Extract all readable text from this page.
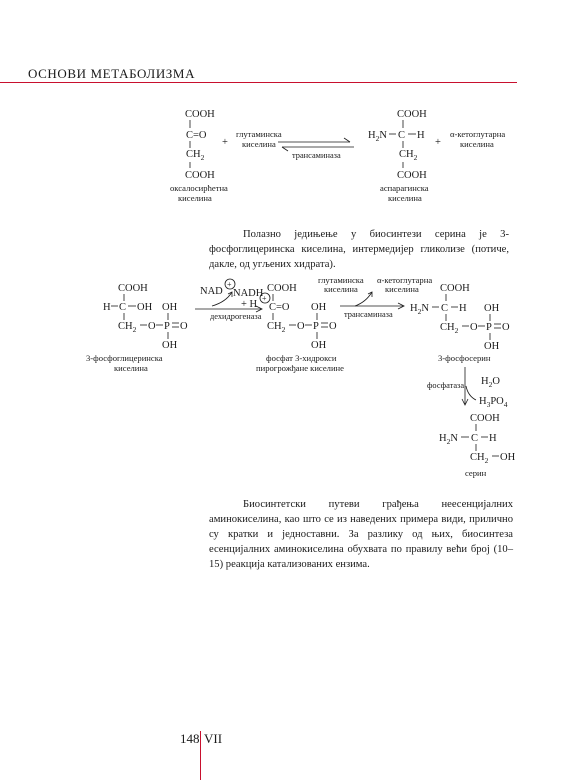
ОСНОВИ МЕТАБОЛИЗМА
COOH
C=O
$CH_2$
COOH
оксалосирћетна
киселина
+
глутаминска
киселина
трансаминаза
COOH
$H_2N$ C H
$CH_2$
COOH
аспарагинска
киселина
+
α-кетоглутарна
киселина
COOH
H C OH
$CH_2$ O
OH
P O
OH
3-фосфоглицеринска
киселина
NAD
+
NADH
+ H
+
дехидрогеназа
COOH
C=O
$CH_2$ O
OH
P O
OH
фосфат 3-хидрокси
пирогрожђане киселине
глутаминска
киселина
α-кетоглутарна
киселина
трансаминаза
COOH
$H_2N$ C H
$CH_2$ O
OH
P O
OH
3-фосфосерин
фосфатаза $H_2O$
$H_3PO_4$
COOH
$H_2N$ C H
$CH_2$ OH
серин
Полазно једињење у биосинтези серина је 3-фосфоглицеринска киселина, интермедијер гликолизе (потиче, дакле, од угљених хидрата).
Биосинтетски путеви грађења неесенцијалних аминокиселина, као што се из наведених примера види, прилично су кратки и једноставни. За разлику од њих, биосинтеза есенцијалних аминокиселина обухвата по правилу већи број (10–15) реакција катализованих ензима.
148 VII
